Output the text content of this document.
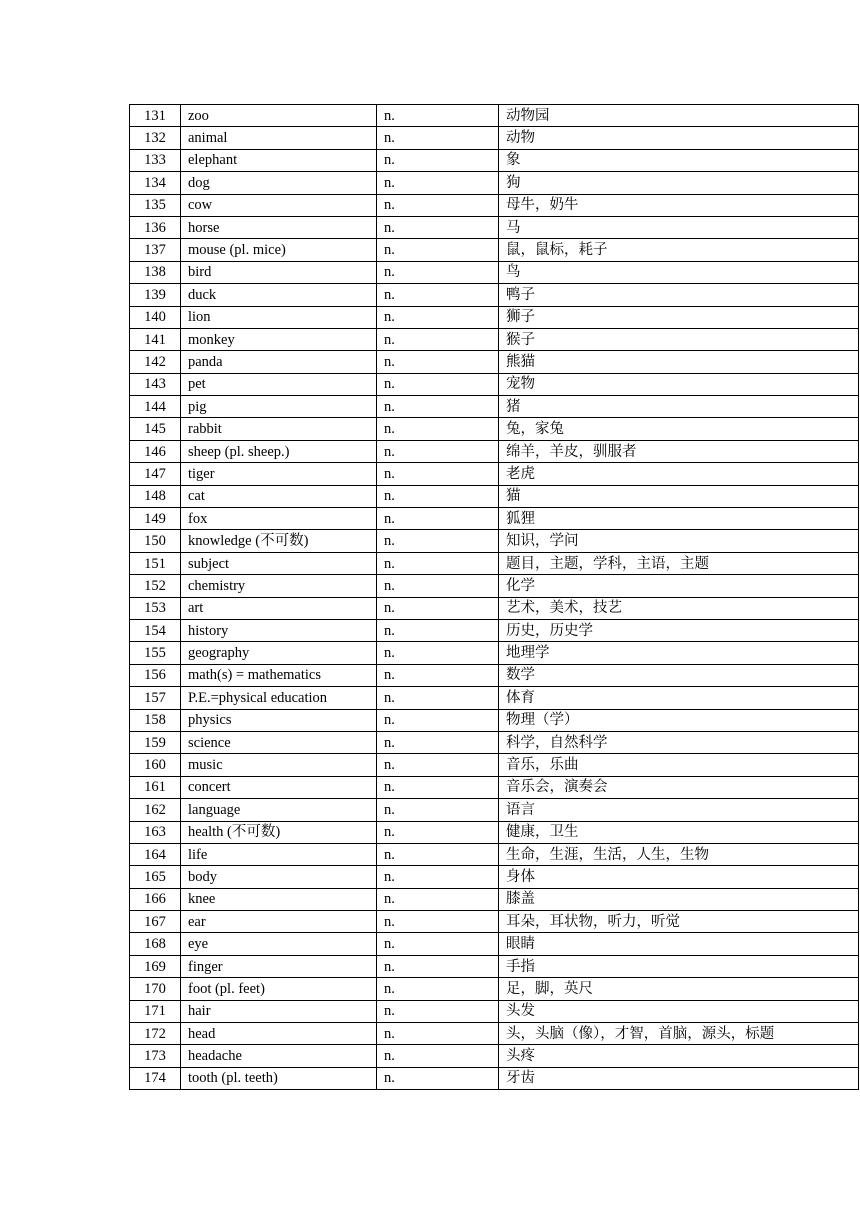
131	zoo	n.	动物园
132	animal	n.	动物
133	elephant	n.	象
134	dog	n.	狗
135	cow	n.	母牛，奶牛
136	horse	n.	马
137	mouse (pl. mice)	n.	鼠，鼠标，耗子
138	bird	n.	鸟
139	duck	n.	鸭子
140	lion	n.	狮子
141	monkey	n.	猴子
142	panda	n.	熊猫
143	pet	n.	宠物
144	pig	n.	猪
145	rabbit	n.	兔，家兔
146	sheep (pl. sheep.)	n.	绵羊，羊皮，驯服者
147	tiger	n.	老虎
148	cat	n.	猫
149	fox	n.	狐狸
150	knowledge (不可数)	n.	知识，学问
151	subject	n.	题目，主题，学科，主语，主题
152	chemistry	n.	化学
153	art	n.	艺术，美术，技艺
154	history	n.	历史，历史学
155	geography	n.	地理学
156	math(s) = mathematics	n.	数学
157	P.E.=physical education	n.	体育
158	physics	n.	物理（学）
159	science	n.	科学，自然科学
160	music	n.	音乐，乐曲
161	concert	n.	音乐会，演奏会
162	language	n.	语言
163	health (不可数)	n.	健康，卫生
164	life	n.	生命，生涯，生活，人生，生物
165	body	n.	身体
166	knee	n.	膝盖
167	ear	n.	耳朵，耳状物，听力，听觉
168	eye	n.	眼睛
169	finger	n.	手指
170	foot (pl. feet)	n.	足，脚，英尺
171	hair	n.	头发
172	head	n.	头，头脑（像），才智，首脑，源头，标题
173	headache	n.	头疼
174	tooth (pl. teeth)	n.	牙齿
